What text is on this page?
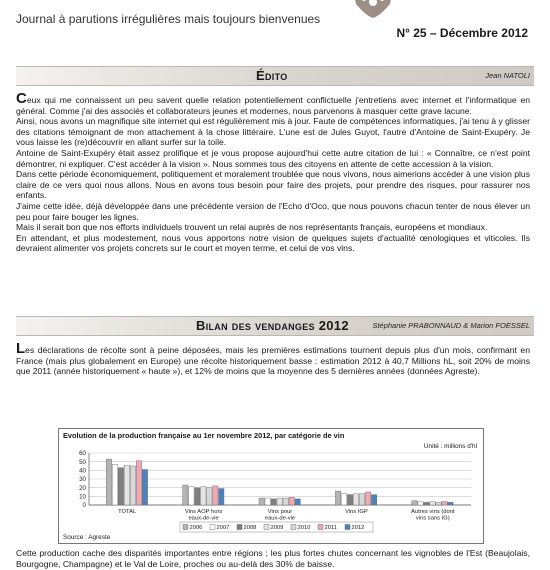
Journal à parutions irrégulières mais toujours bienvenues
N° 25 – Décembre 2012
Édito	Jean NATOLI

Ceux qui me connaissent un peu savent quelle relation potentiellement conflictuelle j'entretiens avec internet et l'informatique en général. Comme j'ai des associés et collaborateurs jeunes et modernes, nous parvenons à masquer cette grave lacune.

Ainsi, nous avons un magnifique site internet qui est régulièrement mis à jour. Faute de compétences informatiques, j'ai tenu à y glisser des citations témoignant de mon attachement à la chose littéraire. L'une est de Jules Guyot, l'autre d'Antoine de Saint-Exupéry. Je vous laisse les (re)découvrir en allant surfer sur la toile.

Antoine de Saint-Exupéry était assez prolifique et je vous propose aujourd'hui cette autre citation de lui : « Connaître, ce n'est point démontrer, ni expliquer. C'est accéder à la vision ». Nous sommes tous des citoyens en attente de cette accession à la vision.

Dans cette période économiquement, politiquement et moralement troublée que nous vivons, nous aimerions accéder à une vision plus claire de ce vers quoi nous allons. Nous en avons tous besoin pour faire des projets, pour prendre des risques, pour rassurer nos enfants.

J'aime cette idée, déjà développée dans une précédente version de l'Echo d'Oco, que nous pouvons chacun tenter de nous élever un peu pour faire bouger les lignes.

Mais il serait bon que nos efforts individuels trouvent un relai auprès de nos représentants français, européens et mondiaux.

En attendant, et plus modestement, nous vous apportons notre vision de quelques sujets d'actualité œnologiques et viticoles. Ils devraient alimenter vos projets concrets sur le court et moyen terme, et celui de vos vins.

Bilan des vendanges 2012	Stéphanie PRABONNAUD & Marion FOESSEL

Les déclarations de récolte sont à peine déposées, mais les premières estimations tournent depuis plus d'un mois, confirmant en France (mais plus globalement en Europe) une récolte historiquement basse : estimation 2012 à 40,7 Millions hL, soit 20% de moins que 2011 (année historiquement « haute »), et 12% de moins que la moyenne des 5 dernières années (données Agreste).

0
10
20
30
40
50
60
TOTAL	Vins AOP hors
eaux-de-vie
Vins pour
eaux-de-vie
Vins IGP	Autres vins (dont
vins sans IG)
2006 2007 2008 2009 2010 2011	2012
Evolution de la production française au 1er novembre 2012, par catégorie de vin
Unité : millions d'hl
Source : Agreste

Cette production cache des disparités importantes entre régions ; les plus fortes chutes concernant les vignobles de l'Est (Beaujolais, Bourgogne, Champagne) et le Val de Loire, proches ou au-delà des 30% de baisse.
